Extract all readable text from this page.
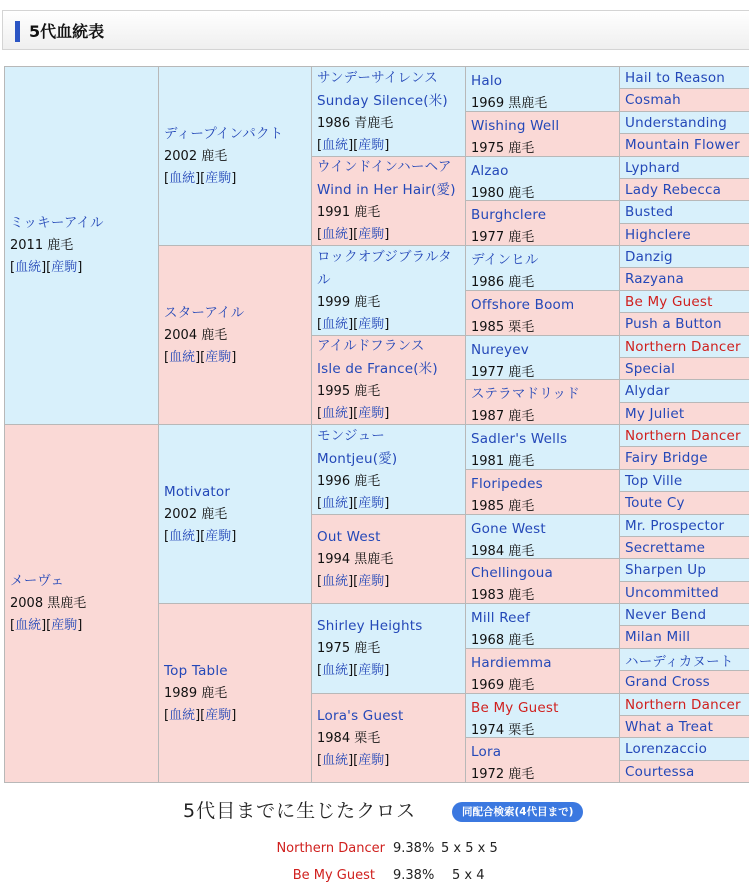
5代血統表
ミッキーアイル
2011 鹿毛
[血統][産駒]
メーヴェ
2008 黒鹿毛
[血統][産駒]
ディープインパクト
2002 鹿毛
[血統][産駒]
スターアイル
2004 鹿毛
[血統][産駒]
Motivator
2002 鹿毛
[血統][産駒]
Top Table
1989 鹿毛
[血統][産駒]
サンデーサイレンス
Sunday Silence(米)
1986 青鹿毛
[血統][産駒]
ウインドインハーヘア
Wind in Her Hair(愛)
1991 鹿毛
[血統][産駒]
ロックオブジブラルタ
ル
1999 鹿毛
[血統][産駒]
アイルドフランス
Isle de France(米)
1995 鹿毛
[血統][産駒]
モンジュー
Montjeu(愛)
1996 鹿毛
[血統][産駒]
Out West
1994 黒鹿毛
[血統][産駒]
Shirley Heights
1975 鹿毛
[血統][産駒]
Lora's Guest
1984 栗毛
[血統][産駒]
Halo
1969 黒鹿毛
Wishing Well
1975 鹿毛
Alzao
1980 鹿毛
Burghclere
1977 鹿毛
デインヒル
1986 鹿毛
Offshore Boom
1985 栗毛
Nureyev
1977 鹿毛
ステラマドリッド
1987 鹿毛
Sadler's Wells
1981 鹿毛
Floripedes
1985 鹿毛
Gone West
1984 鹿毛
Chellingoua
1983 鹿毛
Mill Reef
1968 鹿毛
Hardiemma
1969 鹿毛
Be My Guest
1974 栗毛
Lora
1972 鹿毛
Hail to Reason
Cosmah
Understanding
Mountain Flower
Lyphard
Lady Rebecca
Busted
Highclere
Danzig
Razyana
Be My Guest
Push a Button
Northern Dancer
Special
Alydar
My Juliet
Northern Dancer
Fairy Bridge
Top Ville
Toute Cy
Mr. Prospector
Secrettame
Sharpen Up
Uncommitted
Never Bend
Milan Mill
ハーディカヌート
Grand Cross
Northern Dancer
What a Treat
Lorenzaccio
Courtessa
5代目までに生じたクロス	同配合検索(4代目まで)
Northern Dancer 9.38% 5 x 5 x 5
Be My Guest 9.38% 5 x 4
